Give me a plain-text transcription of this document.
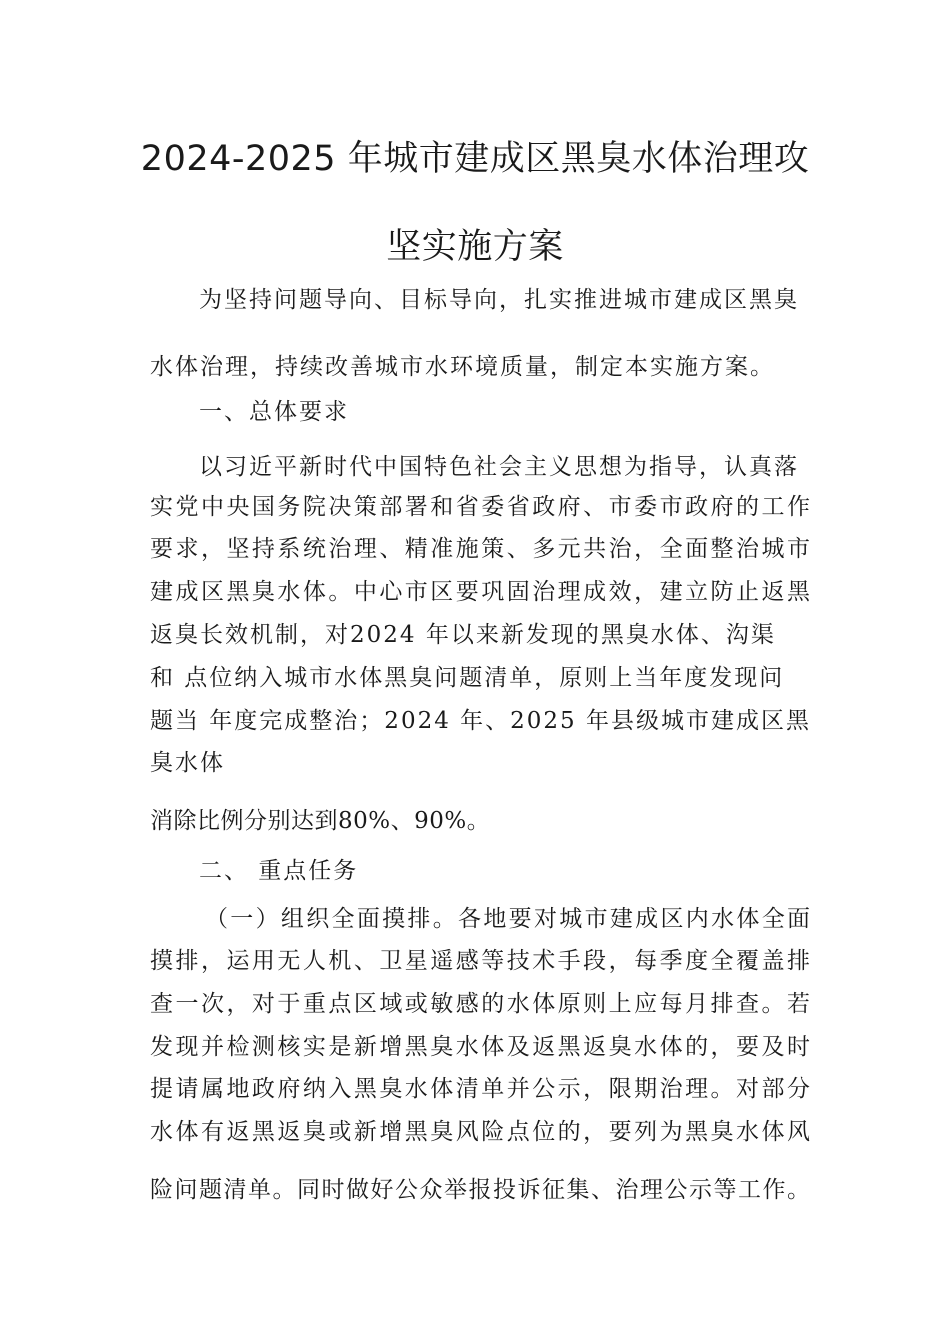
2024-2025 年城市建成区黑臭水体治理攻
坚实施方案
为坚持问题导向、目标导向，扎实推进城市建成区黑臭
水体治理，持续改善城市水环境质量，制定本实施方案。
一、总体要求
以习近平新时代中国特色社会主义思想为指导，认真落
实党中央国务院决策部署和省委省政府、市委市政府的工作
要求，坚持系统治理、精准施策、多元共治，全面整治城市
建成区黑臭水体。中心市区要巩固治理成效，建立防止返黑
返臭长效机制，对2024 年以来新发现的黑臭水体、沟渠
和 点位纳入城市水体黑臭问题清单，原则上当年度发现问
题当 年度完成整治；2024 年、2025 年县级城市建成区黑
臭水体
消除比例分别达到80%、90%。
二、 重点任务
（一）组织全面摸排。各地要对城市建成区内水体全面
摸排，运用无人机、卫星遥感等技术手段，每季度全覆盖排
查一次，对于重点区域或敏感的水体原则上应每月排查。若
发现并检测核实是新增黑臭水体及返黑返臭水体的，要及时
提请属地政府纳入黑臭水体清单并公示，限期治理。对部分
水体有返黑返臭或新增黑臭风险点位的，要列为黑臭水体风
险问题清单。同时做好公众举报投诉征集、治理公示等工作。
